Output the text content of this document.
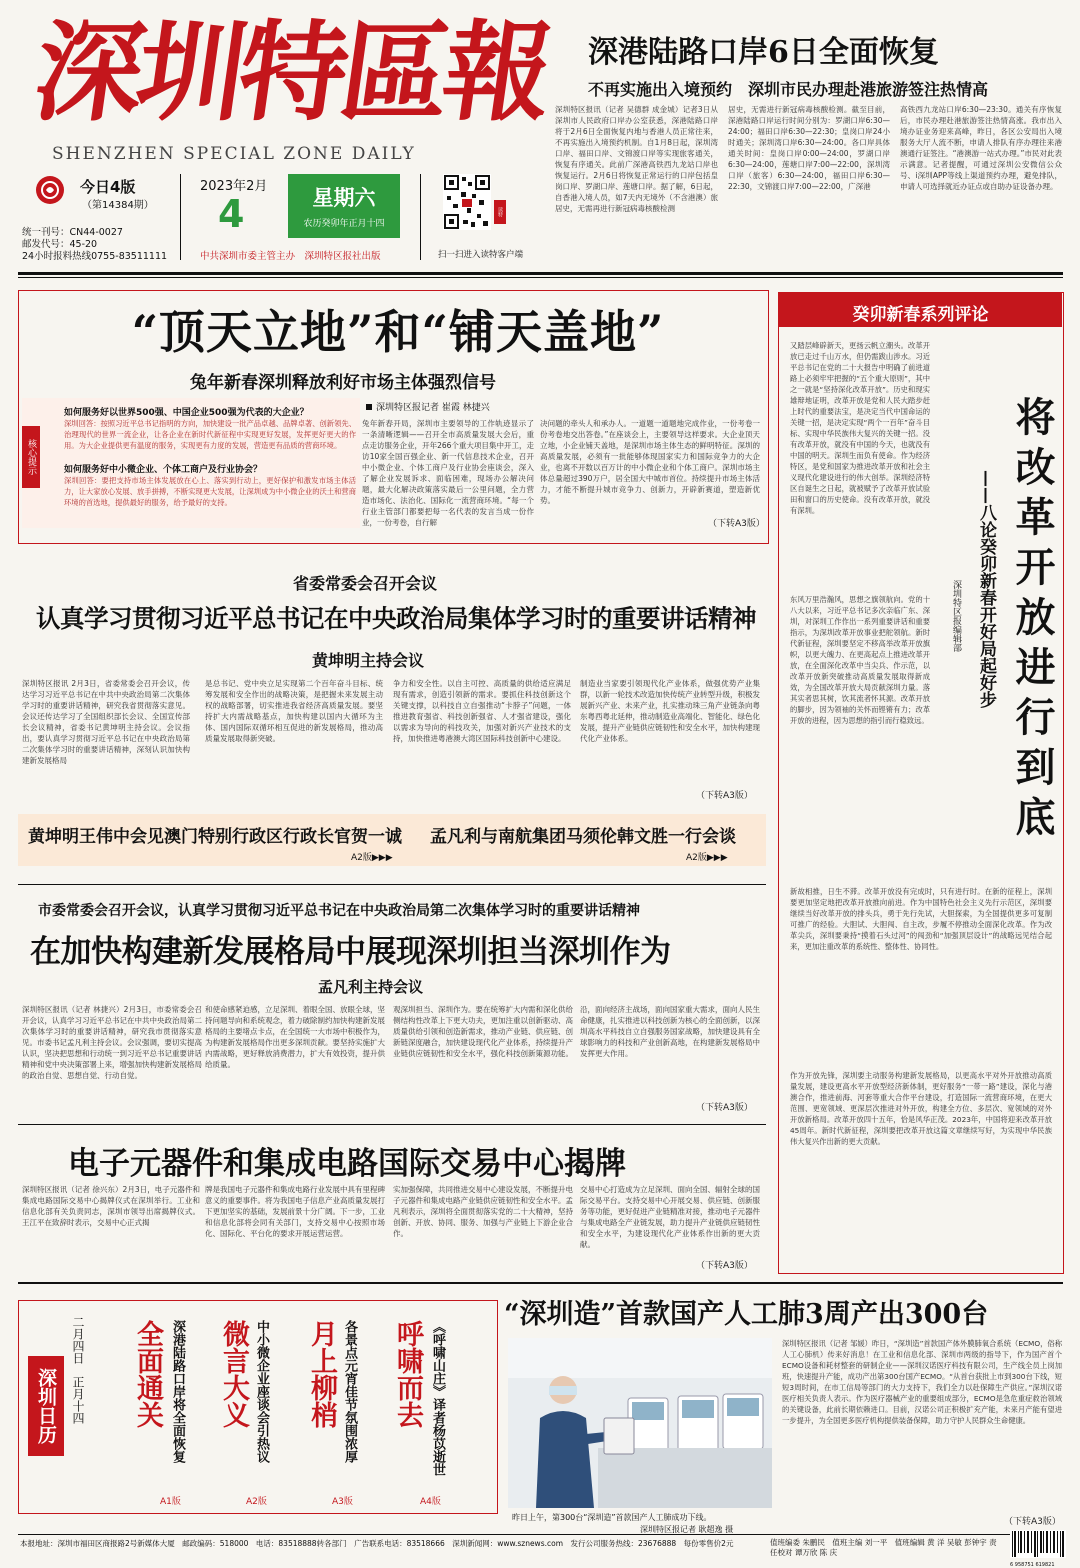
深圳特區報
SHENZHEN SPECIAL ZONE DAILY
今日4版
（第14384期）
统一刊号：CN44-0027
邮发代号：45-20
24小时报料热线0755-83511111
2023年2月
4	星期六
农历癸卯年正月十四
中共深圳市委主管主办　深圳特区报社出版
读特
扫一扫进入读特客户端
深港陆路口岸6日全面恢复
不再实施出入境预约　深圳市民办理赴港旅游签注热情高
深圳特区报讯（记者 吴德群 成金城）记者3日从深圳市人民政府口岸办公室获悉，深港陆路口岸将于2月6日全面恢复内地与香港人员正常往来，不再实施出入境预约机制。自1月8日起，深圳湾口岸、福田口岸、文锦渡口岸等实现旅客通关，恢复有序通关。此前广深港高铁西九龙站口岸也恢复运行。2月6日将恢复正常运行的口岸包括皇岗口岸、罗湖口岸、莲塘口岸。据了解，6日起，自香港入境人员，如7天内无境外（不含港澳）旅居史，无需再进行新冠病毒核酸检测
居史，无需进行新冠病毒核酸检测。截至目前，深港陆路口岸运行时间分别为：罗湖口岸6:30—24:00；福田口岸6:30—22:30；皇岗口岸24小时通关；深圳湾口岸6:30—24:00。各口岸具体通关时间：皇岗口岸0:00—24:00，罗湖口岸6:30—24:00，莲塘口岸7:00—22:00，深圳湾口岸（旅客）6:30—24:00，福田口岸6:30—22:30，文锦渡口岸7:00—22:00，广深港
高铁西九龙站口岸6:30—23:30。通关有序恢复后，市民办理赴港旅游签注热情高涨。我市出入境办证业务迎来高峰，昨日，各区公安局出入境服务大厅人流不断，申请人排队有序办理往来港澳通行证签注。“港澳游一站式办理。”市民对此表示满意。记者提醒，可通过深圳公安微信公众号、i深圳APP等线上渠道预约办理，避免排队，申请人可选择就近办证点或自助办证设备办理。
“顶天立地”和“铺天盖地”
兔年新春深圳释放利好市场主体强烈信号
核心提示
如何服务好以世界500强、中国企业500强为代表的大企业？
深圳回答：按照习近平总书记指明的方向，加快建设一批产品卓越、品牌卓著、创新领先、治理现代的世界一流企业，让各企业在新时代新征程中实现更好发展，发挥更好更大的作用。为大企业提供更有温度的服务，实现更有力度的发展，营造更有品质的营商环境。
如何服务好中小微企业、个体工商户及行业协会？
深圳回答：要把支持市场主体发展放在心上、落实到行动上，更好保护和激发市场主体活力，让大家放心发展、放手拼搏，不断实现更大发展，让深圳成为中小微企业的沃土和营商环境的首选地，提供最好的服务，给予最好的支持。
深圳特区报记者 崔霞 林捷兴
兔年新春开局，深圳市主要领导的工作轨迹显示了一条清晰逻辑——召开全市高质量发展大会后，重点走访服务企业，开年266个重大项目集中开工，走访10家全国百强企业、新一代信息技术企业，召开中小微企业、个体工商户及行业协会座谈会，深入了解企业发展诉求、面临困难，现场办公解决问题，最大化解决政策落实最后一公里问题，全力营造市场化、法治化、国际化一流营商环境。“每一个行业主管部门都要把每一名代表的发言当成一份作业，一份考卷，自行解
决问题的牵头人和承办人。一道题一道题地完成作业，一份考卷一份考卷地交出答卷。”在座谈会上，主要领导这样要求。大企业顶天立地，小企业铺天盖地，是深圳市场主体生态的鲜明特征。深圳的高质量发展，必须有一批能够体现国家实力和国际竞争力的大企业，也离不开数以百万计的中小微企业和个体工商户。深圳市场主体总量超过390万户，居全国大中城市首位。持续提升市场主体活力，才能不断提升城市竞争力、创新力，开辟新赛道，塑造新优势。
（下转A3版）
省委常委会召开会议
认真学习贯彻习近平总书记在中央政治局集体学习时的重要讲话精神
黄坤明主持会议
深圳特区报讯 2月3日，省委常委会召开会议，传达学习习近平总书记在中共中央政治局第二次集体学习时的重要讲话精神，研究我省贯彻落实意见。会议还传达学习了全国组织部长会议、全国宣传部长会议精神，省委书记黄坤明主持会议。会议指出，要认真学习贯彻习近平总书记在中央政治局第二次集体学习时的重要讲话精神，深刻认识加快构建新发展格局
是总书记、党中央立足实现第二个百年奋斗目标、统筹发展和安全作出的战略决策，是把握未来发展主动权的战略部署，切实推进我省经济高质量发展。要坚持扩大内需战略基点，加快构建以国内大循环为主体、国内国际双循环相互促进的新发展格局，推动高质量发展取得新突破。
争力和安全性。以自主可控、高质量的供给适应满足现有需求，创造引领新的需求。要抓住科技创新这个关键支撑，以科技自立自强推动“卡脖子”问题，一体推进教育强省、科技创新强省、人才强省建设，强化以需求为导向的科技攻关，加强对新兴产业技术的支持，加快推进粤港澳大湾区国际科技创新中心建设。
制造业当家要引领现代化产业体系，做强优势产业集群，以新一轮技术改造加快传统产业转型升级，积极发展新兴产业、未来产业，扎实推动珠三角产业链条向粤东粤西粤北延伸，推动制造业高端化、智能化、绿色化发展，提升产业链供应链韧性和安全水平，加快构建现代化产业体系。
（下转A3版）
黄坤明王伟中会见澳门特别行政区行政长官贺一诚
A2版▶▶▶
孟凡利与南航集团马须伦韩文胜一行会谈
A2版▶▶▶
市委常委会召开会议，认真学习贯彻习近平总书记在中央政治局第二次集体学习时的重要讲话精神
在加快构建新发展格局中展现深圳担当深圳作为
孟凡利主持会议
深圳特区报讯（记者 林捷兴）2月3日，市委常委会召开会议，认真学习习近平总书记在中共中央政治局第二次集体学习时的重要讲话精神，研究我市贯彻落实意见。市委书记孟凡利主持会议。会议强调，要切实提高认识，坚决把思想和行动统一到习近平总书记重要讲话精神和党中央决策部署上来，增强加快构建新发展格局的政治自觉、思想自觉、行动自觉。
和使命感紧迫感，立足深圳、着眼全国、放眼全球，坚持问题导向和系统观念，着力破除制约加快构建新发展格局的主要堵点卡点，在全国统一大市场中积极作为，为构建新发展格局作出更多深圳贡献。要坚持实施扩大内需战略，更好释放消费潜力，扩大有效投资，提升供给质量。
观深圳担当、深圳作为。要在统筹扩大内需和深化供给侧结构性改革上下更大功夫，更加注重以创新驱动、高质量供给引领和创造新需求，推动产业链、供应链、创新链深度融合，加快建设现代化产业体系，持续提升产业链供应链韧性和安全水平，强化科技创新策源功能。
沿，面向经济主战场，面向国家重大需求，面向人民生命健康，扎实推进以科技创新为核心的全面创新，以深圳高水平科技自立自强服务国家战略，加快建设具有全球影响力的科技和产业创新高地，在构建新发展格局中发挥更大作用。
（下转A3版）
电子元器件和集成电路国际交易中心揭牌
深圳特区报讯（记者 徐兴东）2月3日，电子元器件和集成电路国际交易中心揭牌仪式在深圳举行。工业和信息化部有关负责同志，深圳市领导出席揭牌仪式。王江平在致辞时表示，交易中心正式揭
牌是我国电子元器件和集成电路行业发展中具有里程碑意义的重要事件。将为我国电子信息产业高质量发展打下更加坚实的基础，发展前景十分广阔。下一步，工业和信息化部将会同有关部门，支持交易中心按照市场化、国际化、平台化的要求开展运营运营。
实加强保障，共同推进交易中心建设发展，不断提升电子元器件和集成电路产业链供应链韧性和安全水平。孟凡利表示，深圳将全面贯彻落实党的二十大精神，坚持创新、开放、协同、服务、加强与产业链上下游企业合作。
交易中心打造成为立足深圳、面向全国、辐射全球的国际交易平台。支持交易中心开展交易、供应链、创新服务等功能，更好促进产业链精准对接，推动电子元器件与集成电路全产业链发展，助力提升产业链供应链韧性和安全水平，为建设现代化产业体系作出新的更大贡献。
（下转A3版）
癸卯新春系列评论
又踏层峰辟新天，更扬云帆立潮头。改革开放已走过千山万水，但仍需跋山涉水。习近平总书记在党的二十大报告中明确了前进道路上必须牢牢把握的“五个重大原则”，其中之一就是“坚持深化改革开放”。历史和现实雄辩地证明，改革开放是党和人民大踏步赶上时代的重要法宝，是决定当代中国命运的关键一招，是决定实现“两个一百年”奋斗目标、实现中华民族伟大复兴的关键一招。没有改革开放，就没有中国的今天，也就没有中国的明天。深圳生而负有使命。作为经济特区，是党和国家为推进改革开放和社会主义现代化建设进行的伟大创举。深圳经济特区自诞生之日起，就被赋予了改革开放试验田和窗口的历史使命。没有改革开放，就没有深圳。	将改革开放进行到底
——八论癸卯新春开好局起好步
深圳特区报编辑部
东风万里浩瀚风，思想之旗领航向。党的十八大以来，习近平总书记多次亲临广东、深圳，对深圳工作作出一系列重要讲话和重要指示，为深圳改革开放事业把舵领航。新时代新征程，深圳要坚定不移高举改革开放旗帜，以更大魄力、在更高起点上推进改革开放，在全面深化改革中当尖兵、作示范，以改革开放新突破推动高质量发展取得新成效，为全国改革开放大局贡献深圳力量。落其实者思其树，饮其流者怀其源。改革开放的脚步，因为领袖的关怀而铿锵有力；改革开放的进程，因为思想的指引而行稳致远。
新故相推，日生不滞。改革开放没有完成时，只有进行时。在新的征程上，深圳要更加坚定地把改革开放推向前进。作为中国特色社会主义先行示范区，深圳要继续当好改革开放的排头兵，勇于先行先试，大胆探索，为全国提供更多可复制可推广的经验。大胆试、大胆闯、自主改，步履不停推动全面深化改革。作为改革尖兵，深圳要秉持“摸着石头过河”的闯劲和“加强顶层设计”的战略远见结合起来，更加注重改革的系统性、整体性、协同性。
作为开放先锋，深圳要主动服务构建新发展格局，以更高水平对外开放推动高质量发展，建设更高水平开放型经济新体制，更好服务“一带一路”建设，深化与港澳合作，推进前海、河套等重大合作平台建设，打造国际一流营商环境，在更大范围、更宽领域、更深层次推进对外开放，构建全方位、多层次、宽领域的对外开放新格局。改革开放四十五年，恰是风华正茂。2023年，中国将迎来改革开放45周年。新时代新征程，深圳要把改革开放这篇文章继续写好，为实现中华民族伟大复兴作出新的更大贡献。
“深圳造”首款国产人工肺3周产出300台
昨日上午，第300台“深圳造”首款国产人工肺成功下线。
深圳特区报记者 耿超逸 摄
深圳特区报讯（记者 邹媛）昨日，“深圳造”首款国产体外膜肺氧合系统（ECMO，俗称人工心肺机）传来好消息！在工业和信息化部、深圳市两级的指导下，作为国产首个ECMO设备和耗材整套的研制企业——深圳汉诺医疗科技有限公司，生产线全员上岗加班，快速提升产能，成功产出第300台国产ECMO。“从首台获批上市到300台下线，短短3周时间，在市工信局等部门的大力支持下，我们全力以赴保障生产供应。”深圳汉诺医疗相关负责人表示。作为医疗器械产业的重要组成部分，ECMO是急危重症救治领域的关键设备，此前长期依赖进口。目前，汉诺公司正积极扩充产能，未来月产能有望进一步提升，为全国更多医疗机构提供装备保障，助力守护人民群众生命健康。
（下转A3版）
深圳日历	二月四日　正月十四 全面通关 深港陆路口岸将全面恢复
A1版
微言大义 中小微企业座谈会引热议
A2版
月上柳梢 各景点元宵佳节氛围浓厚
A3版
呼啸而去 《呼啸山庄》译者杨苡逝世
A4版
本报地址：深圳市福田区商报路2号新媒体大厦　邮政编码：518000　电话：83518888转各部门　广告联系电话：83518666　深圳新闻网：www.sznews.com　发行公司服务热线：23676888　每份零售价2元	值班编委 朱鹏民　值班主编 刘一平　值班编辑 黄 洋 吴敏 彭钟宇 责任校对 谭万欣 陈 庆
6 958751 619821
